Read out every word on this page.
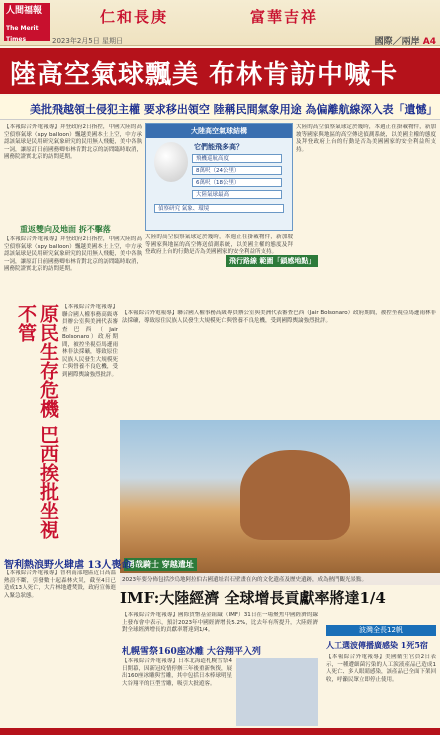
人間福報
The Merit Times
仁和長庚	富華吉祥
2023年2月5日 星期日	國際／兩岸 A4
陸高空氣球飄美 布林肯訪中喊卡
美批飛越領土侵犯主權 要求移出領空 陸稱民間氣象用途 為偏離航線深入表「遺憾」
【本報綜合外電報導】拜登政府2日指控，中國大陸的高空偵察氣球（spy balloon）飄越美國本土上空，中方承認該氣球是民用研究氣象研究的民用無人飛艇，美中各執一詞，讓原訂日前國務卿布林肯對北京的訪問臨時取消，國務院證實北京的訪問延期。
重返雙向及地面 拆不擊落
【本報綜合外電報導】拜登政府2日指控，中國大陸的高空偵察氣球（spy balloon）飄越美國本土上空，中方承認該氣球是民用研究氣象研究的民用無人飛艇，美中各執一詞，讓原訂日前國務卿布林肯對北京的訪問臨時取消，國務院證實北京的訪問延期。
大陸高空氣球結構
它們能飛多高？
飛機巡航高度
8萬呎（24公里）
6萬呎（18公里）
大陸氣球最高
偵察研究 氣象、環境
大陸的高空偵察氣球定於幾時，本週正在掛載物件，新加坡等國家與地區的高空傳送偵測系統，以美國主權的態度及拜登政府上台的行動是否為美國國家的安全利益所支持。
飛行路線 範圍「鎖感地點」
大陸的高空偵察氣球定於幾時，本週正在掛載物件，新加坡等國家與地區的高空傳送偵測系統，以美國主權的態度及拜登政府上台的行動是否為美國國家的安全利益所支持。
原民生存危機 巴西挨批坐視不管	【本報綜合外電報導】聯合國人權事務高級專員辦公室與美洲代表審查巴西（Jair Bolsonaro）政府期間，被控坐視亞馬遜雨林非法採礦，導致原住民族人民發生大規模死亡與營養不良危機，受到國際輿論強烈批評。
【本報綜合外電報導】聯合國人權事務高級專員辦公室與美洲代表審查巴西（Jair Bolsonaro）政府期間，被控坐視亞馬遜雨林非法採礦，導致原住民族人民發生大規模死亡與營養不良危機，受到國際輿論強烈批評。
勇哉騎士 穿越遺址
2023年要分佈包括沙烏地阿拉伯古國遺址岩石壁畫在內的文化遺產及歷史遺跡，成為熱門觀光景點。
智利熱浪野火肆虐 13人喪命
【本報綜合外電報導】智利南部地區近日高溫熱浪不斷，引發數十起森林火災，截至4日已造成13人死亡，大片林地遭焚毀，政府宣佈進入緊急狀態。	IMF:大陸經濟 全球增長貢獻率將達1/4
【本報綜合外電報導】國際貨幣基金組織（IMF）31日在一場聚焦中國經濟的線上發布會中表示，預計2023年中國經濟增長5.2%，比去年有所提升，大陸經濟對全球經濟增長的貢獻率將達到1/4。
札幌雪祭160座冰雕 大谷翔平入列
【本報綜合外電報導】日本北海道札幌雪祭4日開幕，因新冠疫情停辦三年後重新恢復，展出160座冰雕與雪雕，其中包括日本棒球明星大谷翔平的巨型雪雕，吸引大批遊客。
波灣全長12帆
人工選波傳播廣感染 1死5宿
【本報綜合外電報導】美國衛生官員2日表示，一種遭細菌污染的人工淚液產品已造成1人死亡、多人眼睛感染，該產品已全面下架回收，呼籲民眾立即停止使用。
